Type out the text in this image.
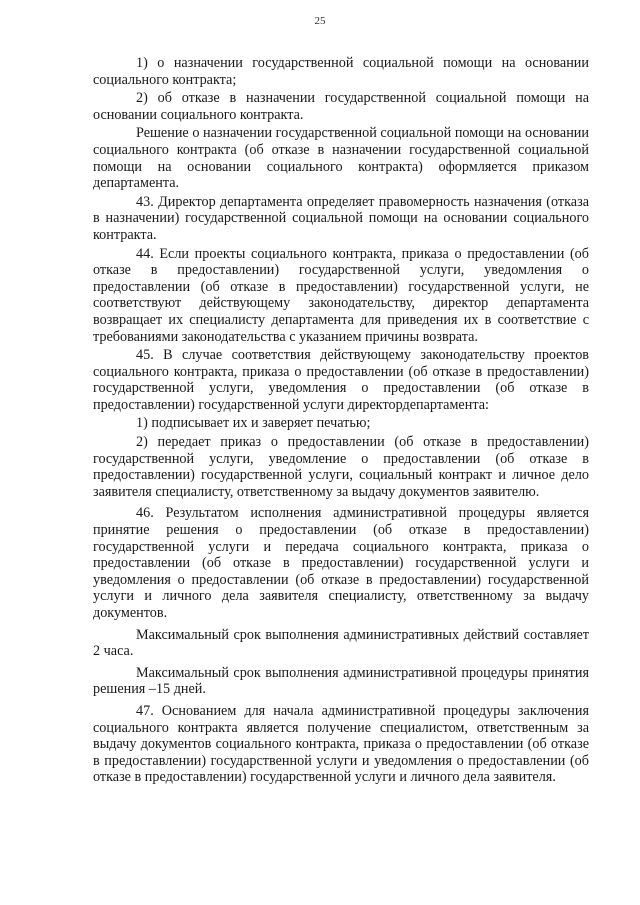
25

1) о назначении государственной социальной помощи на основании социального контракта;

2) об отказе в назначении государственной социальной помощи на основании социального контракта.

Решение о назначении государственной социальной помощи на основании социального контракта (об отказе в назначении государственной социальной помощи на основании социального контракта) оформляется приказом департамента.

43. Директор департамента определяет правомерность назначения (отказа в назначении) государственной социальной помощи на основании социального контракта.

44. Если проекты социального контракта, приказа о предоставлении (об отказе в предоставлении) государственной услуги, уведомления о предоставлении (об отказе в предоставлении) государственной услуги, не соответствуют действующему законодательству, директор департамента возвращает их специалисту департамента для приведения их в соответствие с требованиями законодательства с указанием причины возврата.

45. В случае соответствия действующему законодательству проектов социального контракта, приказа о предоставлении (об отказе в предоставлении) государственной услуги, уведомления о предоставлении (об отказе в предоставлении) государственной услуги директордепартамента:

1) подписывает их и заверяет печатью;

2) передает приказ о предоставлении (об отказе в предоставлении) государственной услуги, уведомление о предоставлении (об отказе в предоставлении) государственной услуги, социальный контракт и личное дело заявителя специалисту, ответственному за выдачу документов заявителю.

46. Результатом исполнения административной процедуры является принятие решения о предоставлении (об отказе в предоставлении) государственной услуги и передача социального контракта, приказа о предоставлении (об отказе в предоставлении) государственной услуги и уведомления о предоставлении (об отказе в предоставлении) государственной услуги и личного дела заявителя специалисту, ответственному за выдачу документов.

Максимальный срок выполнения административных действий составляет 2 часа.

Максимальный срок выполнения административной процедуры принятия решения –15 дней.

47. Основанием для начала административной процедуры заключения социального контракта является получение специалистом, ответственным за выдачу документов социального контракта, приказа о предоставлении (об отказе в предоставлении) государственной услуги и уведомления о предоставлении (об отказе в предоставлении) государственной услуги и личного дела заявителя.
